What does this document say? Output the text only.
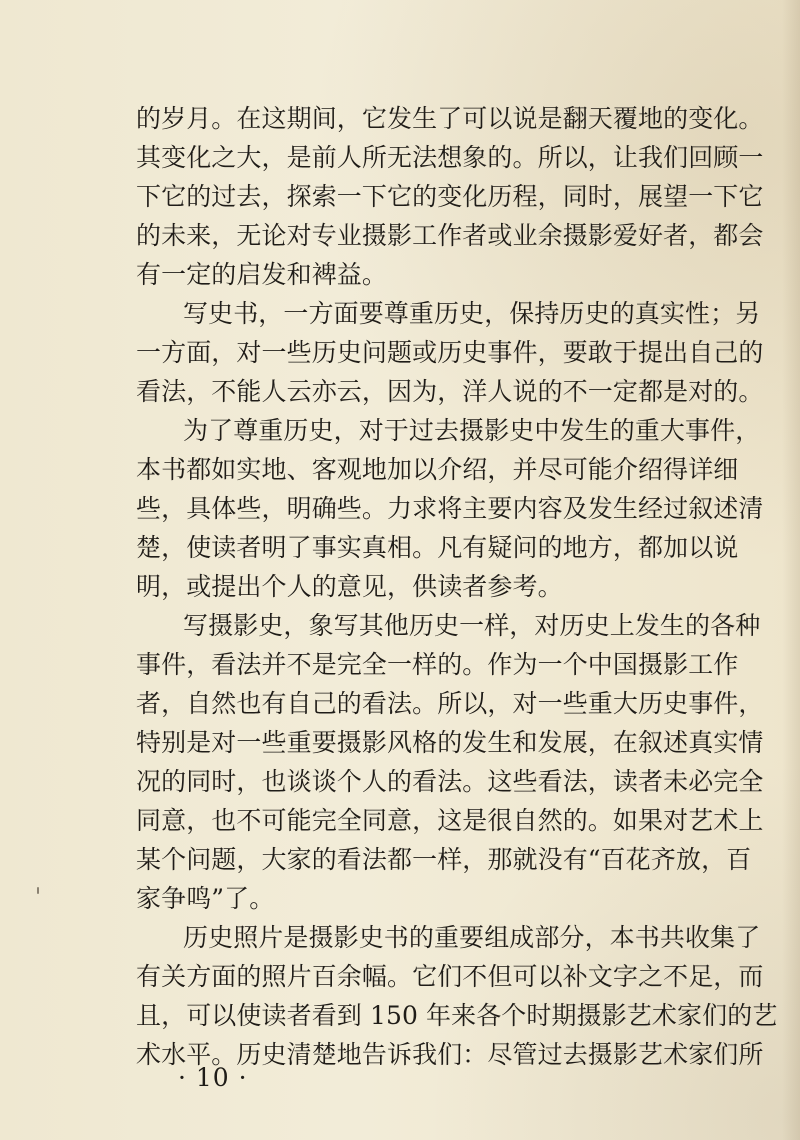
的岁月。在这期间，它发生了可以说是翻天覆地的变化。
其变化之大，是前人所无法想象的。所以，让我们回顾一
下它的过去，探索一下它的变化历程，同时，展望一下它
的未来，无论对专业摄影工作者或业余摄影爱好者，都会
有一定的启发和裨益。
写史书，一方面要尊重历史，保持历史的真实性；另
一方面，对一些历史问题或历史事件，要敢于提出自己的
看法，不能人云亦云，因为，洋人说的不一定都是对的。
为了尊重历史，对于过去摄影史中发生的重大事件，
本书都如实地、客观地加以介绍，并尽可能介绍得详细
些，具体些，明确些。力求将主要内容及发生经过叙述清
楚，使读者明了事实真相。凡有疑问的地方，都加以说
明，或提出个人的意见，供读者参考。
写摄影史，象写其他历史一样，对历史上发生的各种
事件，看法并不是完全一样的。作为一个中国摄影工作
者，自然也有自己的看法。所以，对一些重大历史事件，
特别是对一些重要摄影风格的发生和发展，在叙述真实情
况的同时，也谈谈个人的看法。这些看法，读者未必完全
同意，也不可能完全同意，这是很自然的。如果对艺术上
某个问题，大家的看法都一样，那就没有“百花齐放，百
家争鸣”了。
历史照片是摄影史书的重要组成部分，本书共收集了
有关方面的照片百余幅。它们不但可以补文字之不足，而
且，可以使读者看到 150 年来各个时期摄影艺术家们的艺
术水平。历史清楚地告诉我们：尽管过去摄影艺术家们所
· 10 ·
